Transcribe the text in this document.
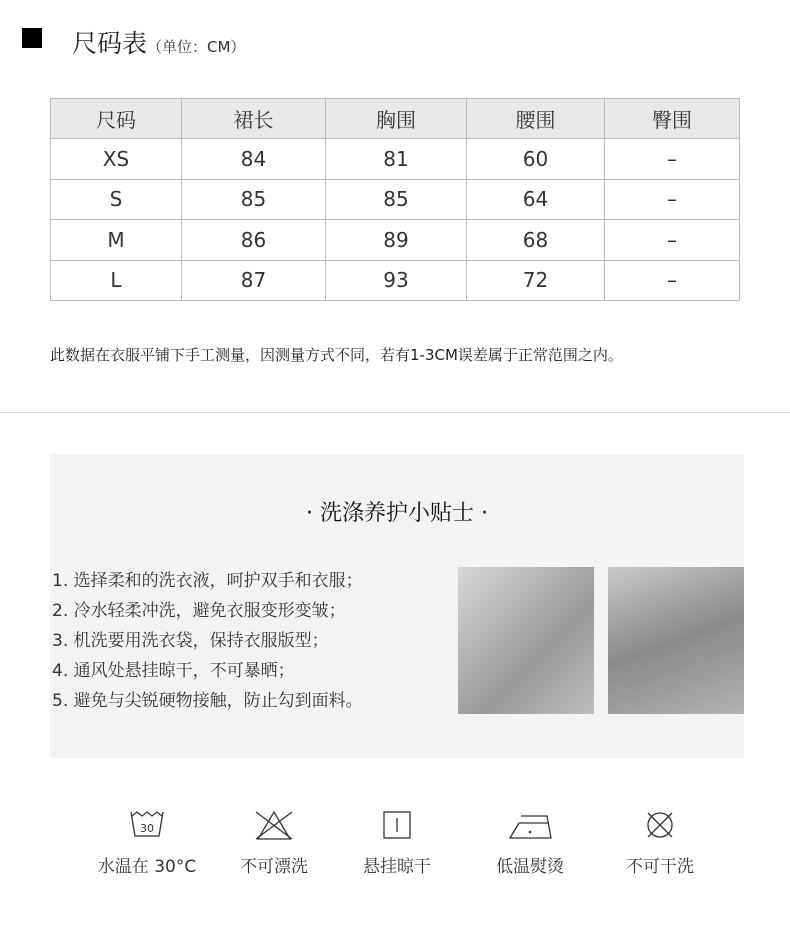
尺码表（单位：CM）
尺码	裙长	胸围	腰围	臀围
XS	84	81	60	–
S	85	85	64	–
M	86	89	68	–
L	87	93	72	–
此数据在衣服平铺下手工测量，因测量方式不同，若有1-3CM误差属于正常范围之内。
· 洗涤养护小贴士 ·
1. 选择柔和的洗衣液，呵护双手和衣服；
2. 冷水轻柔冲洗，避免衣服变形变皱；
3. 机洗要用洗衣袋，保持衣服版型；
4. 通风处悬挂晾干，不可暴晒；
5. 避免与尖锐硬物接触，防止勾到面料。
30
水温在 30°C	不可漂洗	悬挂晾干	低温熨烫	不可干洗
